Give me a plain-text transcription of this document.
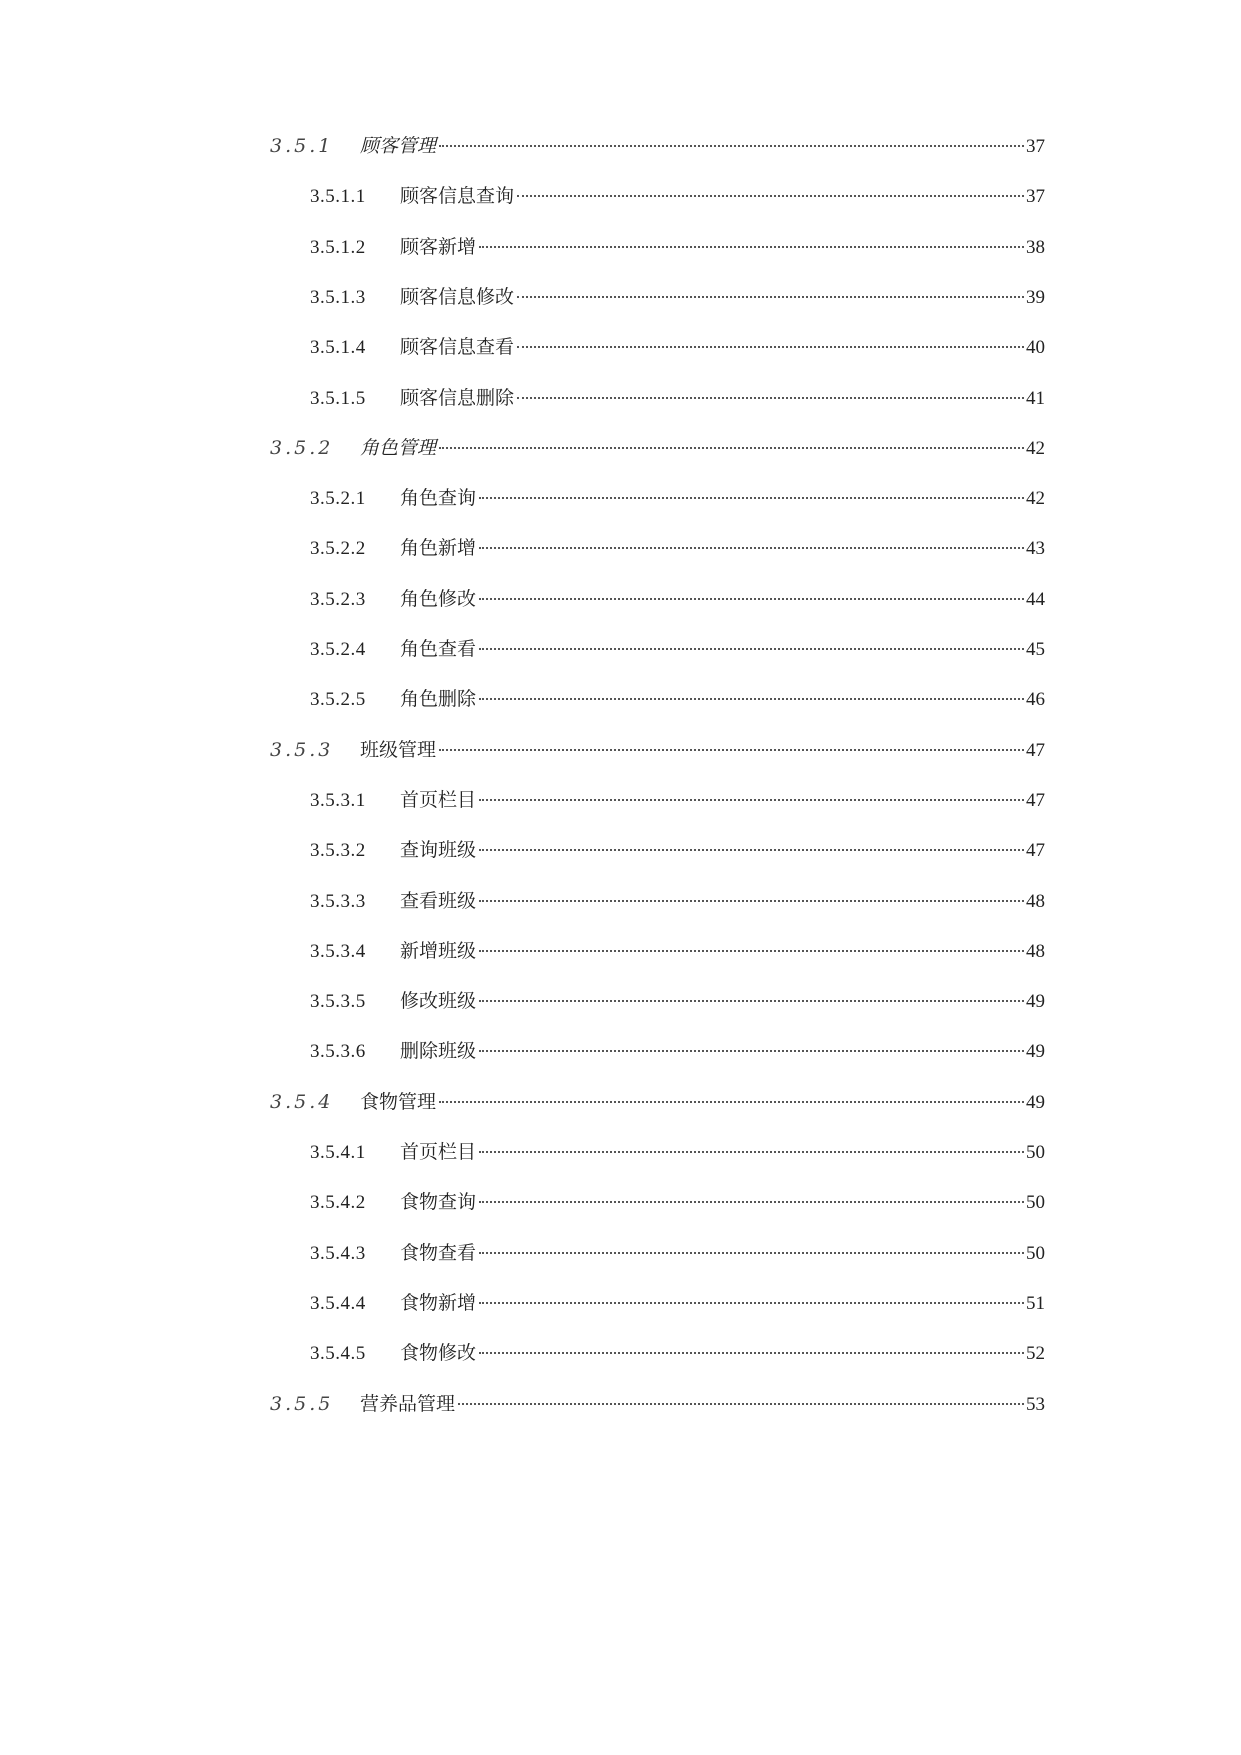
3.5.1	顾客管理	37
3.5.1.1	顾客信息查询	37
3.5.1.2	顾客新增	38
3.5.1.3	顾客信息修改	39
3.5.1.4	顾客信息查看	40
3.5.1.5	顾客信息删除	41
3.5.2	角色管理	42
3.5.2.1	角色查询	42
3.5.2.2	角色新增	43
3.5.2.3	角色修改	44
3.5.2.4	角色查看	45
3.5.2.5	角色删除	46
3.5.3	班级管理	47
3.5.3.1	首页栏目	47
3.5.3.2	查询班级	47
3.5.3.3	查看班级	48
3.5.3.4	新增班级	48
3.5.3.5	修改班级	49
3.5.3.6	删除班级	49
3.5.4	食物管理	49
3.5.4.1	首页栏目	50
3.5.4.2	食物查询	50
3.5.4.3	食物查看	50
3.5.4.4	食物新增	51
3.5.4.5	食物修改	52
3.5.5	营养品管理	53
